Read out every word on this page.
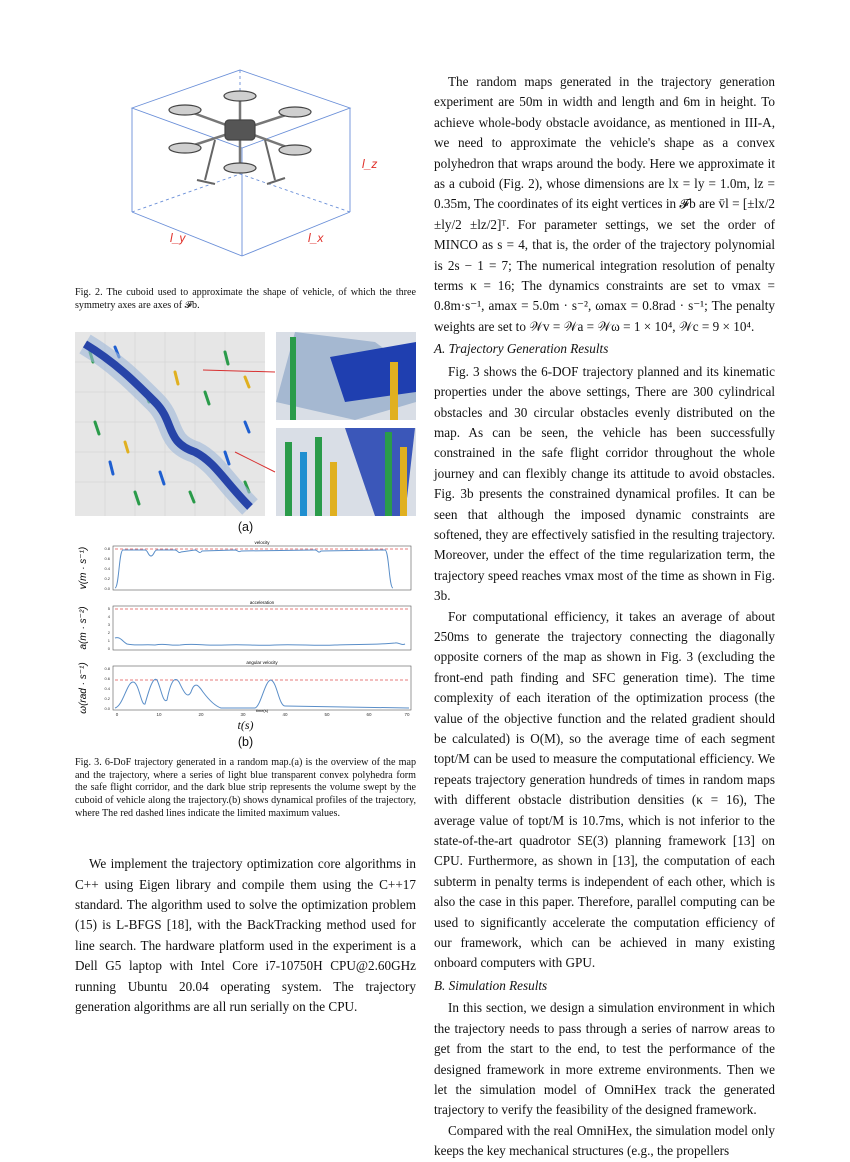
l_z
l_y	l_x

Fig. 2. The cuboid used to approximate the shape of vehicle, of which the three symmetry axes are axes of 𝓕b.

(a)
v(m · s⁻¹)
a(m · s⁻²)
ω(rad · s⁻¹)
velocity
acceleration
angular velocity
0	10	20	30	40	50	60	70
0.8
0.6
0.4
0.2
0.0
5
4
3
2
1
0
0.8
0.6
0.4
0.2
0.0	time(s)
t(s)
(b)

Fig. 3. 6-DoF trajectory generated in a random map.(a) is the overview of the map and the trajectory, where a series of light blue transparent convex polyhedra form the safe flight corridor, and the dark blue strip represents the volume swept by the cuboid of vehicle along the trajectory.(b) shows dynamical profiles of the trajectory, where The red dashed lines indicate the limited maximum values.

We implement the trajectory optimization core algorithms in C++ using Eigen library and compile them using the C++17 standard. The algorithm used to solve the optimization problem (15) is L-BFGS [18], with the BackTracking method used for line search. The hardware platform used in the experiment is a Dell G5 laptop with Intel Core i7-10750H CPU@2.60GHz running Ubuntu 20.04 operating system. The trajectory generation algorithms are all run serially on the CPU.

The random maps generated in the trajectory generation experiment are 50m in width and length and 6m in height. To achieve whole-body obstacle avoidance, as mentioned in III-A, we need to approximate the vehicle's shape as a convex polyhedron that wraps around the body. Here we approximate it as a cuboid (Fig. 2), whose dimensions are lx = ly = 1.0m, lz = 0.35m, The coordinates of its eight vertices in 𝓕b are v̄l = [±lx/2 ±ly/2 ±lz/2]ᵀ. For parameter settings, we set the order of MINCO as s = 4, that is, the order of the trajectory polynomial is 2s − 1 = 7; The numerical integration resolution of penalty terms κ = 16; The dynamics constraints are set to vmax = 0.8m·s⁻¹, amax = 5.0m · s⁻², ωmax = 0.8rad · s⁻¹; The penalty weights are set to 𝒲v = 𝒲a = 𝒲ω = 1 × 10⁴, 𝒲c = 9 × 10⁴.

A. Trajectory Generation Results

Fig. 3 shows the 6-DOF trajectory planned and its kinematic properties under the above settings, There are 300 cylindrical obstacles and 30 circular obstacles evenly distributed on the map. As can be seen, the vehicle has been successfully constrained in the safe flight corridor throughout the whole journey and can flexibly change its attitude to avoid obstacles. Fig. 3b presents the constrained dynamical profiles. It can be seen that although the imposed dynamic constraints are softened, they are effectively satisfied in the resulting trajectory. Moreover, under the effect of the time regularization term, the trajectory speed reaches vmax most of the time as shown in Fig. 3b.

For computational efficiency, it takes an average of about 250ms to generate the trajectory connecting the diagonally opposite corners of the map as shown in Fig. 3 (excluding the front-end path finding and SFC generation time). The time complexity of each iteration of the optimization process (the value of the objective function and the related gradient should be calculated) is O(M), so the average time of each segment topt/M can be used to measure the computational efficiency. We repeats trajectory generation hundreds of times in random maps with different obstacle distribution densities (κ = 16), The average value of topt/M is 10.7ms, which is not inferior to the state-of-the-art quadrotor SE(3) planning framework [13] on CPU. Furthermore, as shown in [13], the computation of each subterm in penalty terms is independent of each other, which is also the case in this paper. Therefore, parallel computing can be used to significantly accelerate the computation efficiency of our framework, which can be achieved in many existing onboard computers with GPU.

B. Simulation Results

In this section, we design a simulation environment in which the trajectory needs to pass through a series of narrow areas to get from the start to the end, to test the performance of the designed framework in more extreme environments. Then we let the simulation model of OmniHex track the generated trajectory to verify the feasibility of the designed framework.

Compared with the real OmniHex, the simulation model only keeps the key mechanical structures (e.g., the propellers
